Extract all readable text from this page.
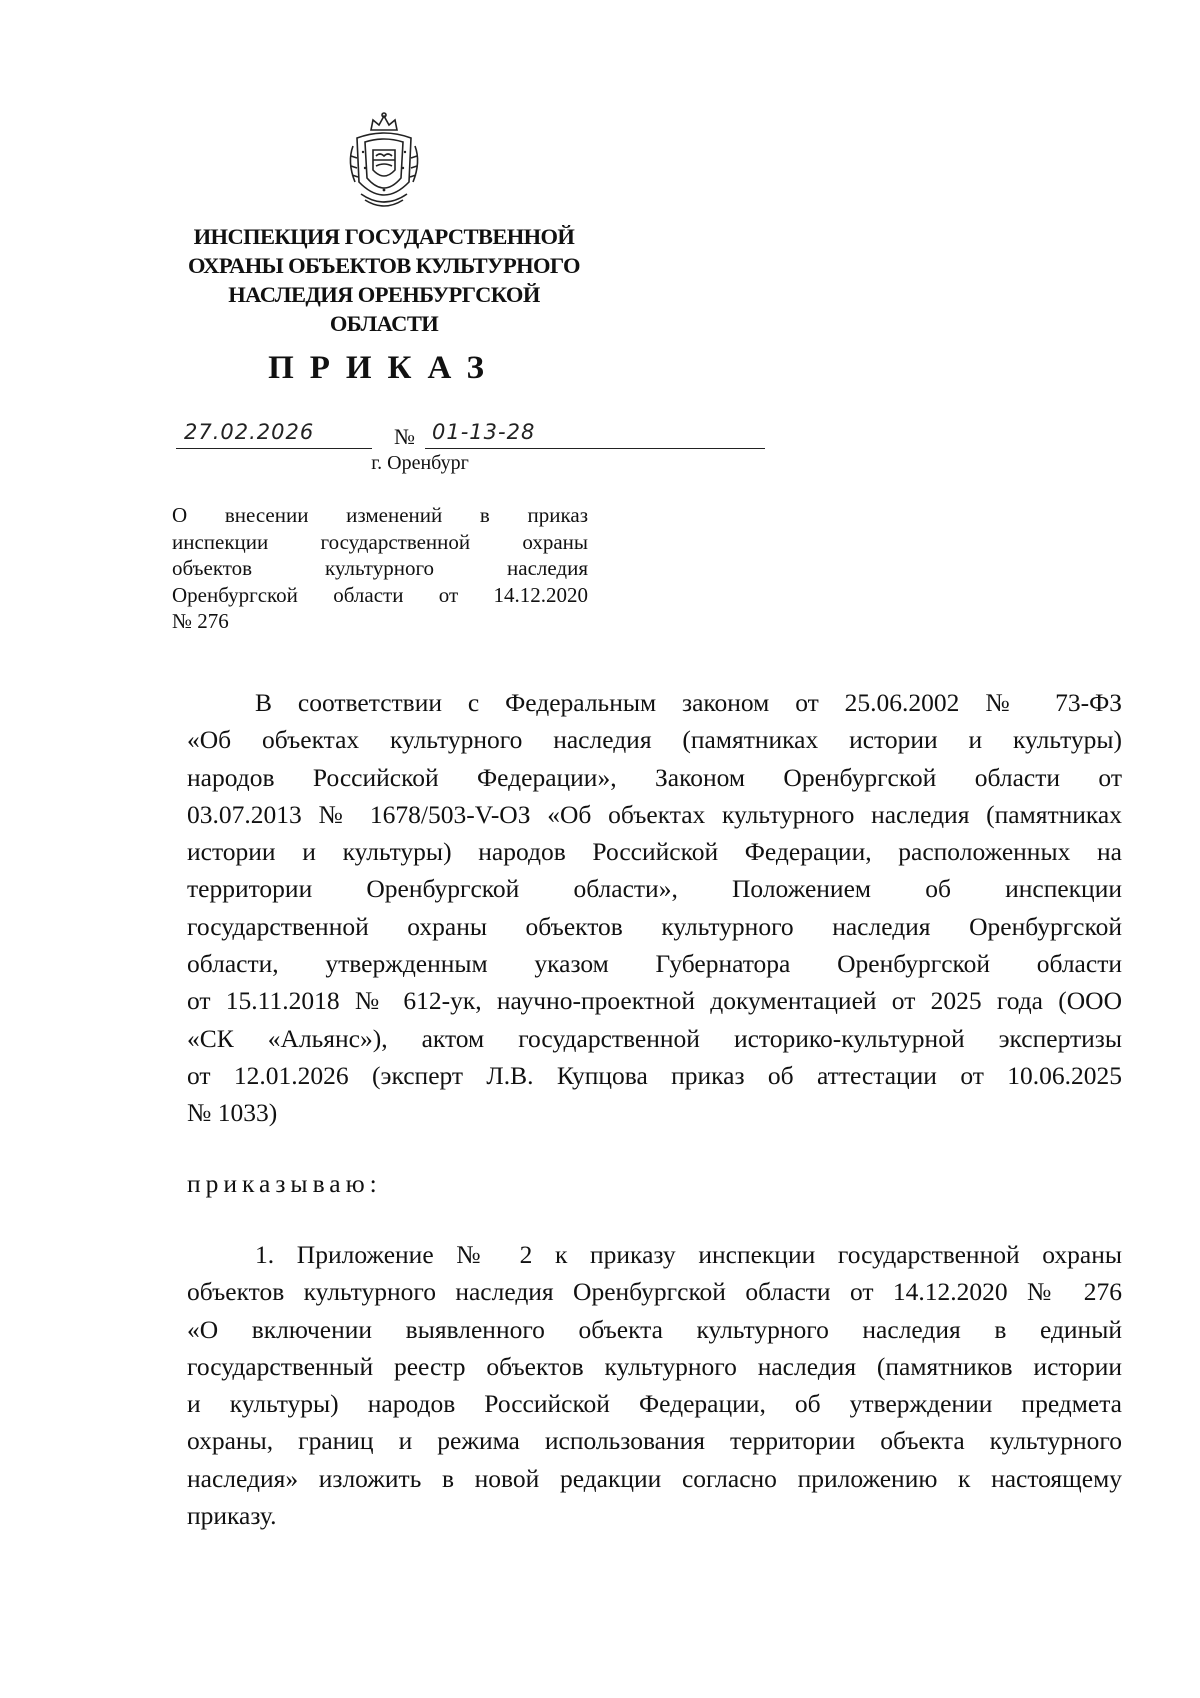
ИНСПЕКЦИЯ ГОСУДАРСТВЕННОЙ
ОХРАНЫ ОБЪЕКТОВ КУЛЬТУРНОГО
НАСЛЕДИЯ ОРЕНБУРГСКОЙ
ОБЛАСТИ
ПРИКАЗ
27.02.2026	№ 01-13-28
г. Оренбург
О внесении изменений в приказ
инспекции государственной охраны
объектов культурного наследия
Оренбургской области от 14.12.2020
№ 276
В соответствии с Федеральным законом от 25.06.2002 № 73-ФЗ
«Об объектах культурного наследия (памятниках истории и культуры)
народов Российской Федерации», Законом Оренбургской области от
03.07.2013 № 1678/503-V-ОЗ «Об объектах культурного наследия (памятниках
истории и культуры) народов Российской Федерации, расположенных на
территории Оренбургской области», Положением об инспекции
государственной охраны объектов культурного наследия Оренбургской
области, утвержденным указом Губернатора Оренбургской области
от 15.11.2018 № 612-ук, научно-проектной документацией от 2025 года (ООО
«СК «Альянс»), актом государственной историко-культурной экспертизы
от 12.01.2026 (эксперт Л.В. Купцова приказ об аттестации от 10.06.2025
№ 1033)
приказываю:
1. Приложение № 2 к приказу инспекции государственной охраны
объектов культурного наследия Оренбургской области от 14.12.2020 № 276
«О включении выявленного объекта культурного наследия в единый
государственный реестр объектов культурного наследия (памятников истории
и культуры) народов Российской Федерации, об утверждении предмета
охраны, границ и режима использования территории объекта культурного
наследия» изложить в новой редакции согласно приложению к настоящему
приказу.
